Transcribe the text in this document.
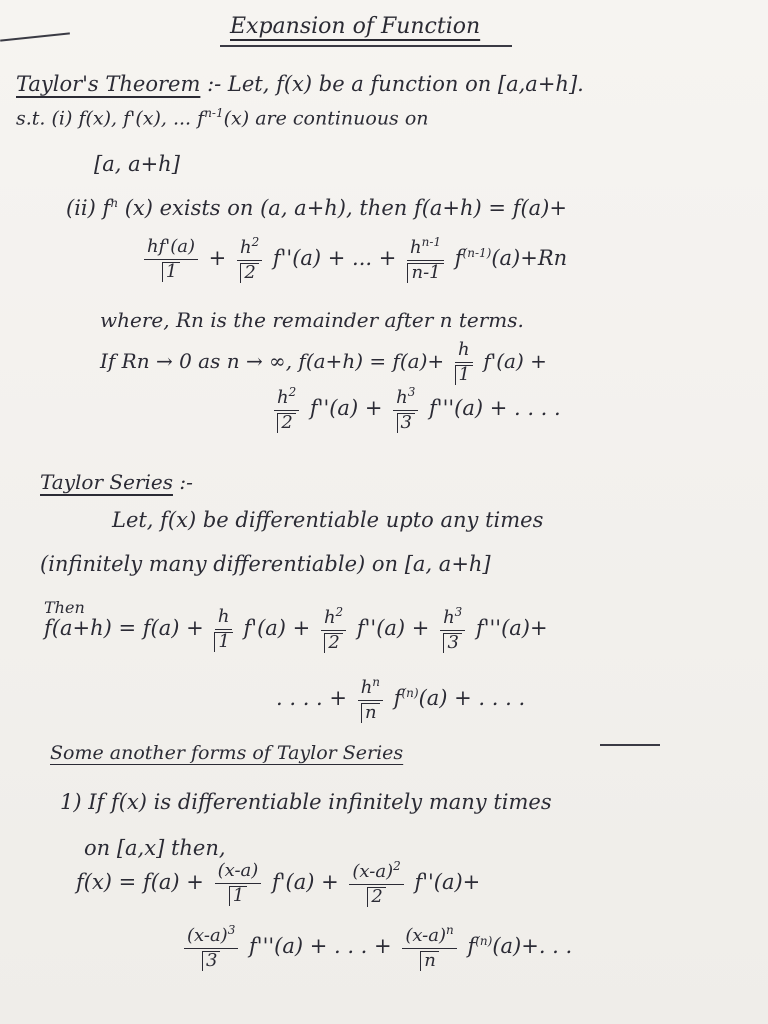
Expansion of Function
Taylor's Theorem :- Let, f(x) be a function on [a,a+h].
s.t. (i) f(x), f'(x), ... $f^{n-1}(x)$ are continuous on
[a, a+h]
(ii) $f^n$ (x) exists on (a, a+h), then f(a+h) = f(a)+
$\frac{hf'(a)}{1} + \frac{h^2}{2} f''(a)$ + ... + $\frac{h^{n-1}}{n-1} f^{(n-1)}(a)+Rn$
where, Rn is the remainder after n terms.
If Rn → 0 as n → ∞, $f(a+h) = f(a)+ \frac{h}{1} f'(a)$ +
$\frac{h^2}{2} f''(a) + \frac{h^3}{3} f'''(a)$ + . . . .
Taylor Series :-
Let, f(x) be differentiable upto any times
(infinitely many differentiable) on [a, a+h]
Then
$f(a+h) = f(a) + \frac{h}{1} f'(a) + \frac{h^2}{2} f''(a) + \frac{h^3}{3} f'''(a)+$
. . . . + $\frac{h^n}{n} f^{(n)}(a)$ + . . . .
Some another forms of Taylor Series
1) If f(x) is differentiable infinitely many times
on [a,x] then,
$f(x) = f(a) + \frac{(x-a)}{1} f'(a) + \frac{(x-a)^2}{2} f''(a)+$
$\frac{(x-a)^3}{3} f'''(a)$ + . . . + $\frac{(x-a)^n}{n} f^{(n)}(a)+$. . .
